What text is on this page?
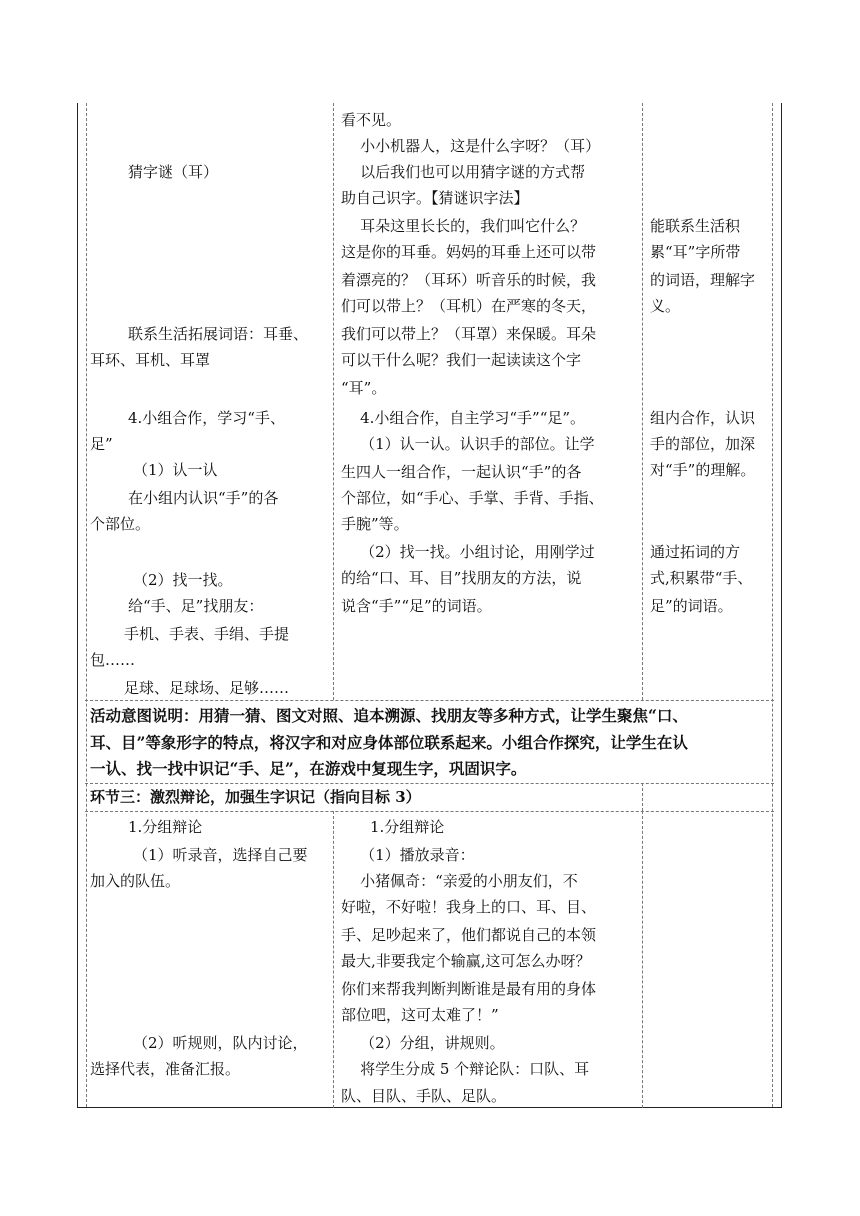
猜字谜（耳）
联系生活拓展词语：耳垂、
耳环、耳机、耳罩
4.小组合作，学习“手、
足”
（1）认一认
在小组内认识“手”的各
个部位。
（2）找一找。
给“手、足”找朋友：
手机、手表、手绢、手提
包……
足球、足球场、足够……
看不见。
小小机器人，这是什么字呀？（耳）
以后我们也可以用猜字谜的方式帮
助自己识字。【猜谜识字法】
耳朵这里长长的，我们叫它什么？
这是你的耳垂。妈妈的耳垂上还可以带
着漂亮的？（耳环）听音乐的时候，我
们可以带上？（耳机）在严寒的冬天，
我们可以带上？（耳罩）来保暖。耳朵
可以干什么呢？我们一起读读这个字
“耳”。
4.小组合作，自主学习“手”“足”。
（1）认一认。认识手的部位。让学
生四人一组合作，一起认识“手”的各
个部位，如“手心、手掌、手背、手指、
手腕”等。
（2）找一找。小组讨论，用刚学过
的给“口、耳、目”找朋友的方法，说
说含“手”“足”的词语。
能联系生活积
累“耳”字所带
的词语，理解字
义。
组内合作，认识
手的部位，加深
对“手”的理解。
通过拓词的方
式,积累带“手、
足”的词语。
活动意图说明：用猜一猜、图文对照、追本溯源、找朋友等多种方式，让学生聚焦“口、
耳、目”等象形字的特点，将汉字和对应身体部位联系起来。小组合作探究，让学生在认
一认、找一找中识记“手、足”，在游戏中复现生字，巩固识字。
环节三：激烈辩论，加强生字识记（指向目标 3）
1.分组辩论
（1）听录音，选择自己要
加入的队伍。
（2）听规则，队内讨论，
选择代表，准备汇报。
1.分组辩论
（1）播放录音：
小猪佩奇：“亲爱的小朋友们，不
好啦，不好啦！我身上的口、耳、目、
手、足吵起来了，他们都说自己的本领
最大,非要我定个输赢,这可怎么办呀？
你们来帮我判断判断谁是最有用的身体
部位吧，这可太难了！”
（2）分组，讲规则。
将学生分成 5 个辩论队：口队、耳
队、目队、手队、足队。
